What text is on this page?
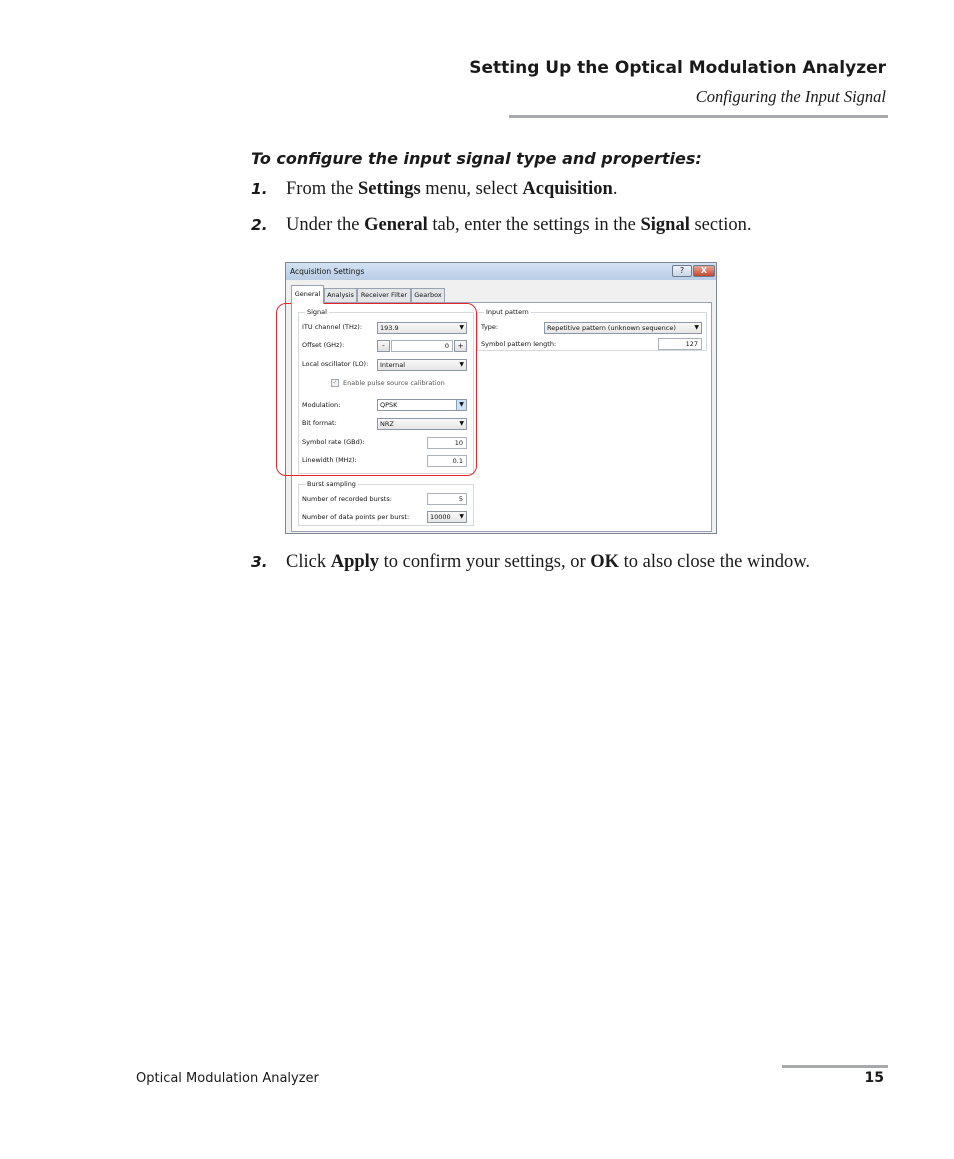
Setting Up the Optical Modulation Analyzer
Configuring the Input Signal
To configure the input signal type and properties:
1. From the Settings menu, select Acquisition.
2. Under the General tab, enter the settings in the Signal section.
Acquisition Settings	?	X
General	Analysis	Receiver Filter	Gearbox
Signal
ITU channel (THz):	193.9	▼
Offset (GHz):	-	0	+
Local oscillator (LO):	Internal	▼
✓ Enable pulse source calibration
Modulation:	QPSK	▼
Bit format:	NRZ	▼
Symbol rate (GBd):	10
Linewidth (MHz):	0.1
Input pattern
Type:	Repetitive pattern (unknown sequence)	▼
Symbol pattern length:	127
Burst sampling
Number of recorded bursts:	5
Number of data points per burst:	10000 ▼
3. Click Apply to confirm your settings, or OK to also close the window.
Optical Modulation Analyzer	15
